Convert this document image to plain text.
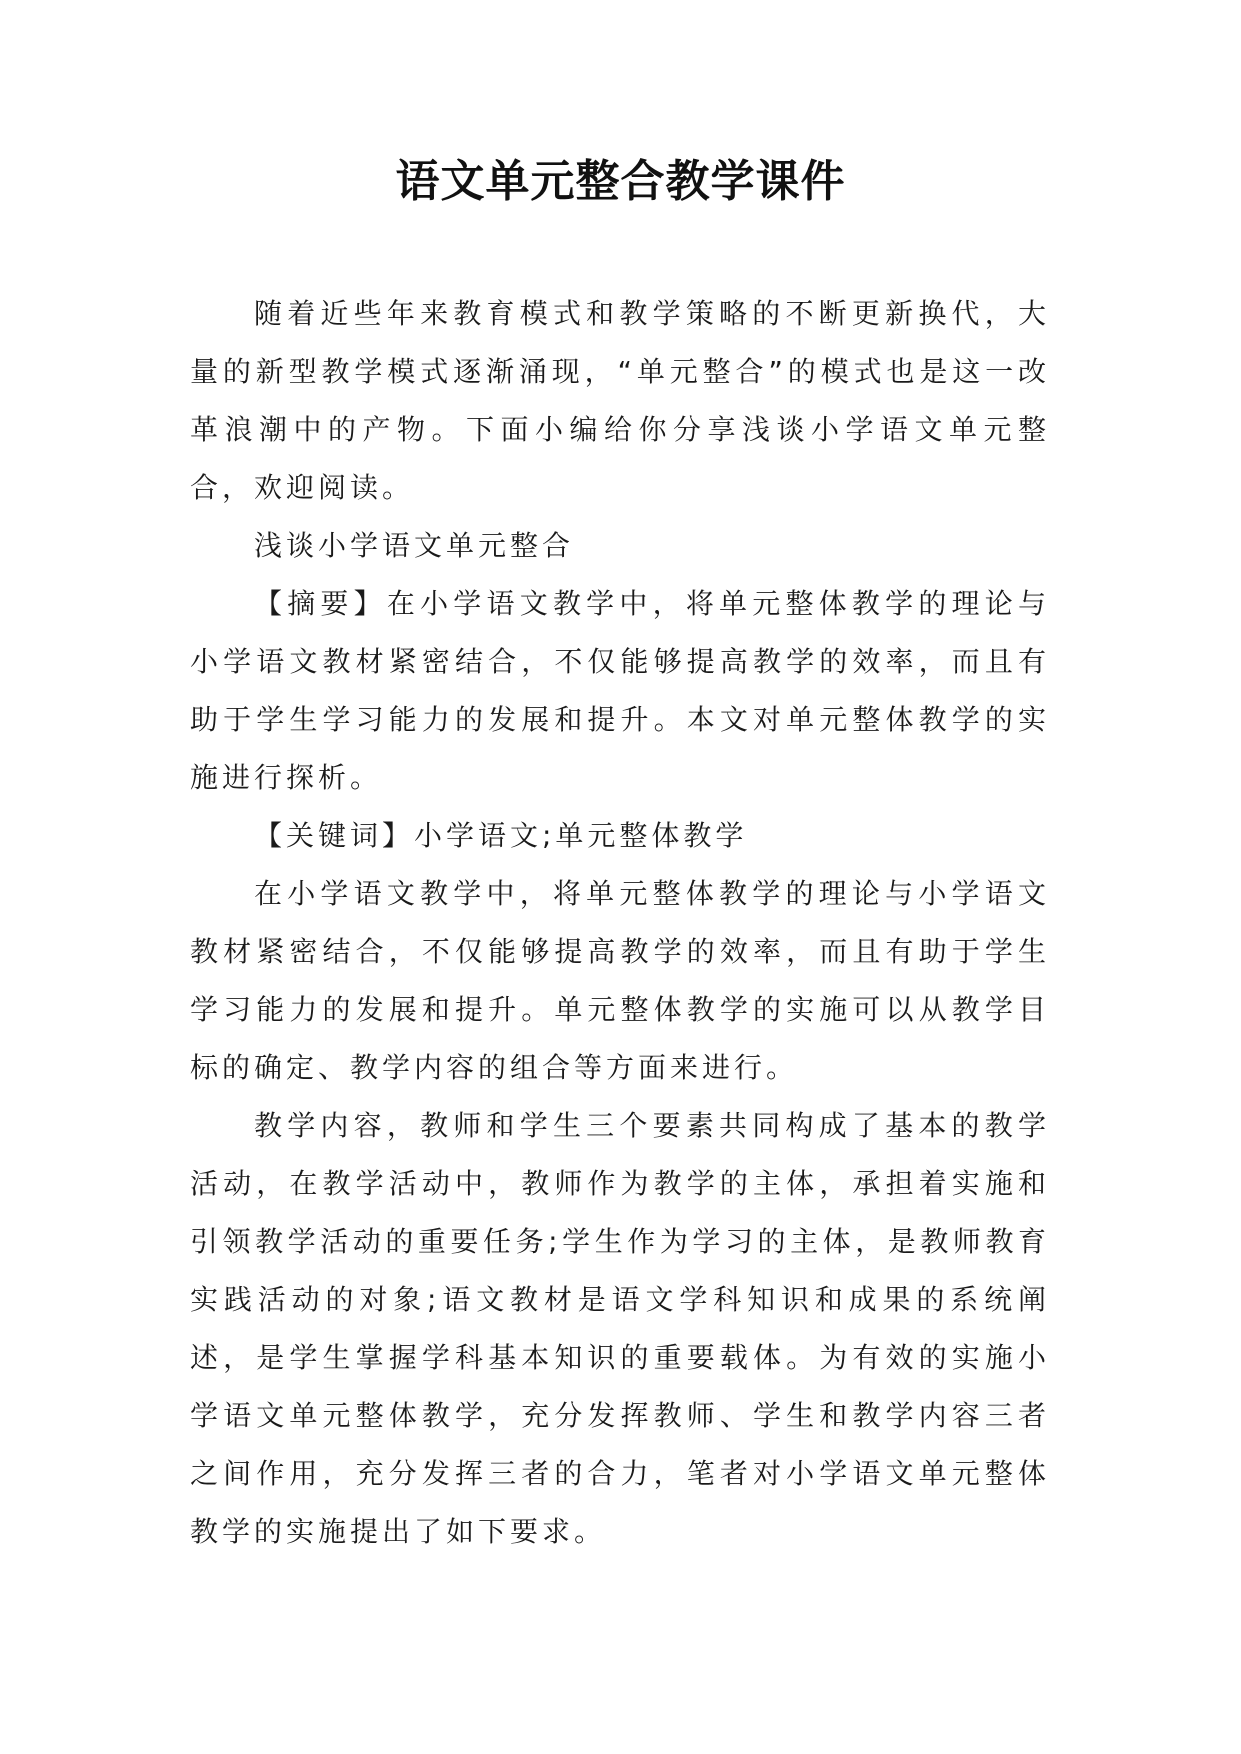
语文单元整合教学课件

随着近些年来教育模式和教学策略的不断更新换代，大量的新型教学模式逐渐涌现，“单元整合”的模式也是这一改革浪潮中的产物。下面小编给你分享浅谈小学语文单元整合，欢迎阅读。

浅谈小学语文单元整合

【摘要】在小学语文教学中，将单元整体教学的理论与小学语文教材紧密结合，不仅能够提高教学的效率，而且有助于学生学习能力的发展和提升。本文对单元整体教学的实施进行探析。

【关键词】小学语文;单元整体教学

在小学语文教学中，将单元整体教学的理论与小学语文教材紧密结合，不仅能够提高教学的效率，而且有助于学生学习能力的发展和提升。单元整体教学的实施可以从教学目标的确定、教学内容的组合等方面来进行。

教学内容，教师和学生三个要素共同构成了基本的教学活动，在教学活动中，教师作为教学的主体，承担着实施和引领教学活动的重要任务;学生作为学习的主体，是教师教育实践活动的对象;语文教材是语文学科知识和成果的系统阐述，是学生掌握学科基本知识的重要载体。为有效的实施小学语文单元整体教学，充分发挥教师、学生和教学内容三者之间作用，充分发挥三者的合力，笔者对小学语文单元整体教学的实施提出了如下要求。
